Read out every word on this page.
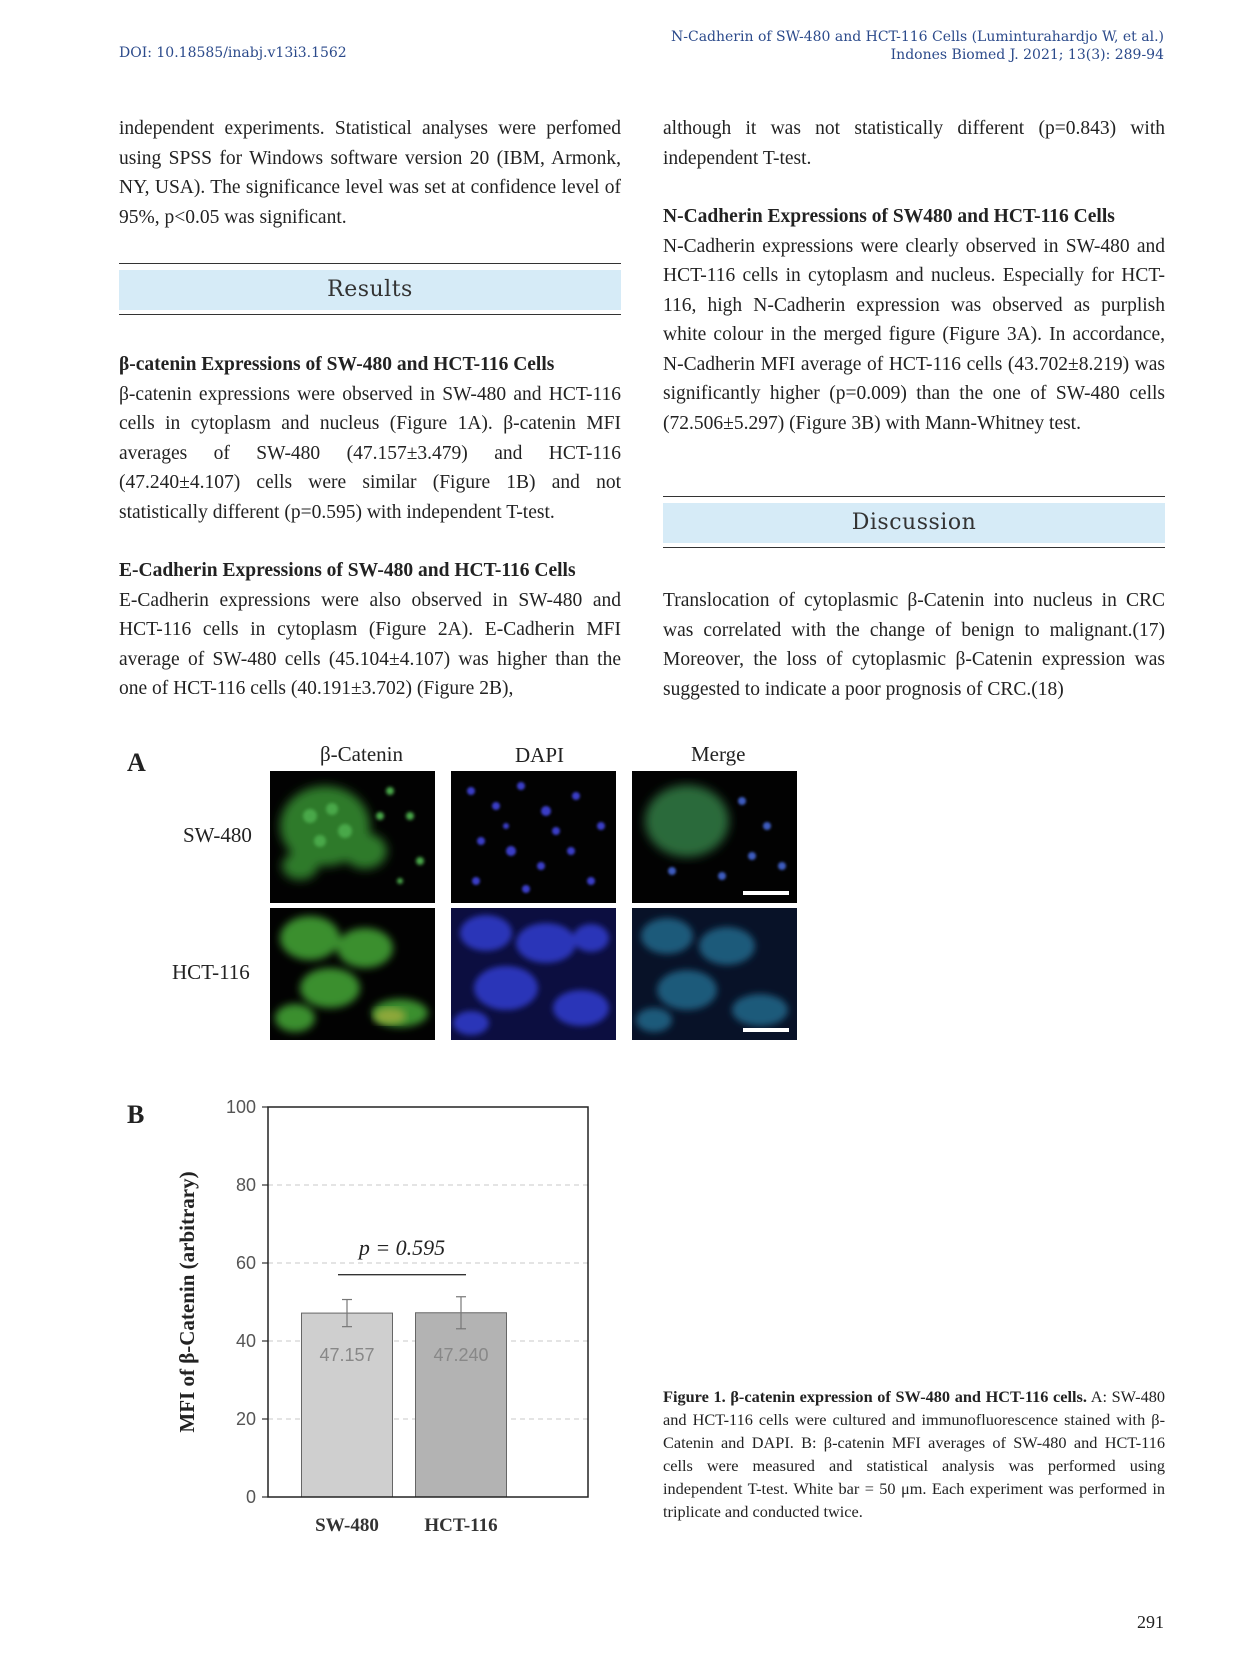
DOI: 10.18585/inabj.v13i3.1562
N-Cadherin of SW-480 and HCT-116 Cells (Luminturahardjo W, et al.)
Indones Biomed J. 2021; 13(3): 289-94

independent experiments. Statistical analyses were perfomed using SPSS for Windows software version 20 (IBM, Armonk, NY, USA). The significance level was set at confidence level of 95%, p<0.05 was significant.

Results
β-catenin Expressions of SW-480 and HCT-116 Cells

β-catenin expressions were observed in SW-480 and HCT-116 cells in cytoplasm and nucleus (Figure 1A). β-catenin MFI averages of SW-480 (47.157±3.479) and HCT-116 (47.240±4.107) cells were similar (Figure 1B) and not statistically different (p=0.595) with independent T-test.

E-Cadherin Expressions of SW-480 and HCT-116 Cells

E-Cadherin expressions were also observed in SW-480 and HCT-116 cells in cytoplasm (Figure 2A). E-Cadherin MFI average of SW-480 cells (45.104±4.107) was higher than the one of HCT-116 cells (40.191±3.702) (Figure 2B),

although it was not statistically different (p=0.843) with independent T-test.

N-Cadherin Expressions of SW480 and HCT-116 Cells

N-Cadherin expressions were clearly observed in SW-480 and HCT-116 cells in cytoplasm and nucleus. Especially for HCT-116, high N-Cadherin expression was observed as purplish white colour in the merged figure (Figure 3A). In accordance, N-Cadherin MFI average of HCT-116 cells (43.702±8.219) was significantly higher (p=0.009) than the one of SW-480 cells (72.506±5.297) (Figure 3B) with Mann-Whitney test.

Discussion

Translocation of cytoplasmic β-Catenin into nucleus in CRC was correlated with the change of benign to malignant.(17) Moreover, the loss of cytoplasmic β-Catenin expression was suggested to indicate a poor prognosis of CRC.(18)

A	β-Catenin	DAPI	Merge
SW-480
HCT-116
B
0
20
40
60
80
100
47.157
SW-480
47.240
HCT-116
p = 0.595
MFI of β-Catenin (arbitrary)	Figure 1. β-catenin expression of SW-480 and HCT-116 cells. A: SW-480 and HCT-116 cells were cultured and immunofluorescence stained with β-Catenin and DAPI. B: β-catenin MFI averages of SW-480 and HCT-116 cells were measured and statistical analysis was performed using independent T-test. White bar = 50 μm. Each experiment was performed in triplicate and conducted twice.
291
